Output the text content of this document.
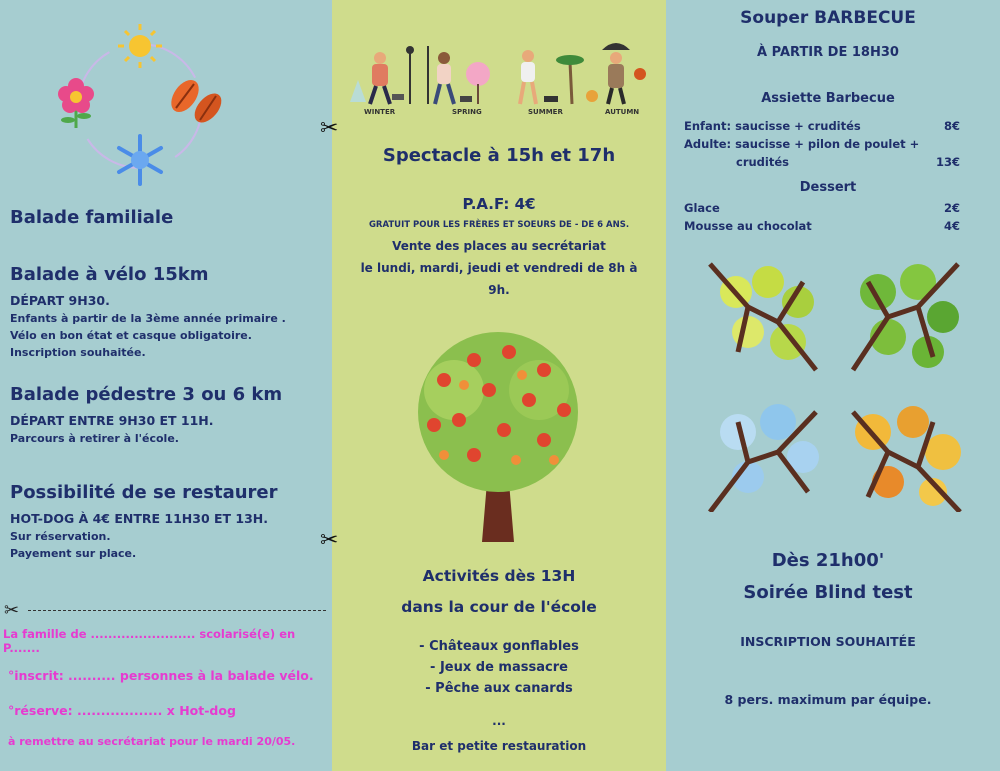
Balade familiale
Balade à vélo 15km
DÉPART 9H30.
Enfants à partir de la 3ème année primaire .
Vélo en bon état et casque obligatoire.
Inscription souhaitée.
Balade pédestre 3 ou 6 km
DÉPART ENTRE 9H30 ET 11H.
Parcours à retirer à l'école.
Possibilité de se restaurer
HOT-DOG À 4€ ENTRE 11H30 ET 13H.
Sur réservation.
Payement sur place.
✂
La famille de ........................ scolarisé(e) en P.......
°inscrit: .......... personnes à la balade vélo.
°réserve: .................. x Hot-dog
à remettre au secrétariat pour le mardi 20/05.
WINTER	SPRING	SUMMER	AUTUMN
✂
Spectacle à 15h et 17h
P.A.F: 4€
GRATUIT POUR LES FRÈRES ET SOEURS DE - DE 6 ANS.
Vente des places au secrétariat
le lundi, mardi, jeudi et vendredi de 8h à
9h.
✂
Activités dès 13H
dans la cour de l'école
- Châteaux gonflables
- Jeux de massacre
- Pêche aux canards
...
Bar et petite restauration
Souper BARBECUE
À PARTIR DE 18H30
Assiette Barbecue
Enfant: saucisse + crudités	8€
Adulte: saucisse + pilon de poulet +
crudités	13€
Dessert
Glace	2€
Mousse au chocolat	4€
Dès 21h00'
Soirée Blind test
INSCRIPTION SOUHAITÉE
8 pers. maximum par équipe.
